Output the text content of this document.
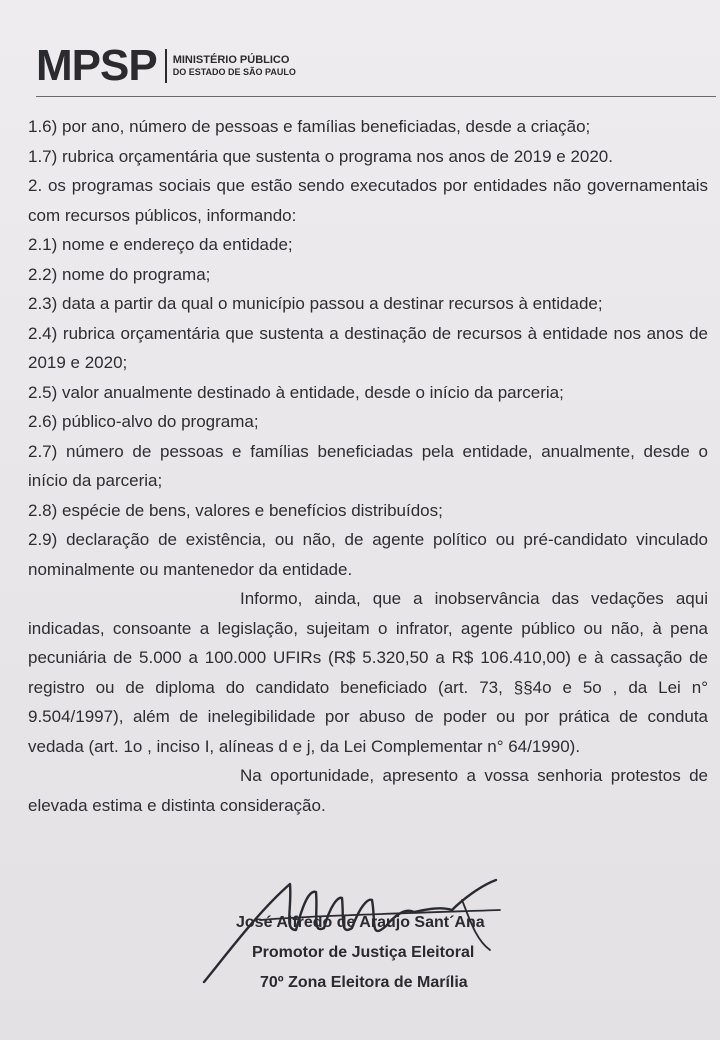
MPSP MINISTÉRIO PÚBLICO
DO ESTADO DE SÃO PAULO

1.6) por ano, número de pessoas e famílias beneficiadas, desde a criação;

1.7) rubrica orçamentária que sustenta o programa nos anos de 2019 e 2020.

2. os programas sociais que estão sendo executados por entidades não governamentais com recursos públicos, informando:

2.1) nome e endereço da entidade;

2.2) nome do programa;

2.3) data a partir da qual o município passou a destinar recursos à entidade;

2.4) rubrica orçamentária que sustenta a destinação de recursos à entidade nos anos de 2019 e 2020;

2.5) valor anualmente destinado à entidade, desde o início da parceria;

2.6) público-alvo do programa;

2.7) número de pessoas e famílias beneficiadas pela entidade, anualmente, desde o início da parceria;

2.8) espécie de bens, valores e benefícios distribuídos;

2.9) declaração de existência, ou não, de agente político ou pré-candidato vinculado nominalmente ou mantenedor da entidade.

Informo, ainda, que a inobservância das vedações aqui indicadas, consoante a legislação, sujeitam o infrator, agente público ou não, à pena pecuniária de 5.000 a 100.000 UFIRs (R$ 5.320,50 a R$ 106.410,00) e à cassação de registro ou de diploma do candidato beneficiado (art. 73, §§4o e 5o , da Lei n° 9.504/1997), além de inelegibilidade por abuso de poder ou por prática de conduta vedada (art. 1o , inciso I, alíneas d e j, da Lei Complementar n° 64/1990).

Na oportunidade, apresento a vossa senhoria protestos de elevada estima e distinta consideração.

José Alfredo de Araujo Sant´Ana
Promotor de Justiça Eleitoral
70º Zona Eleitora de Marília
